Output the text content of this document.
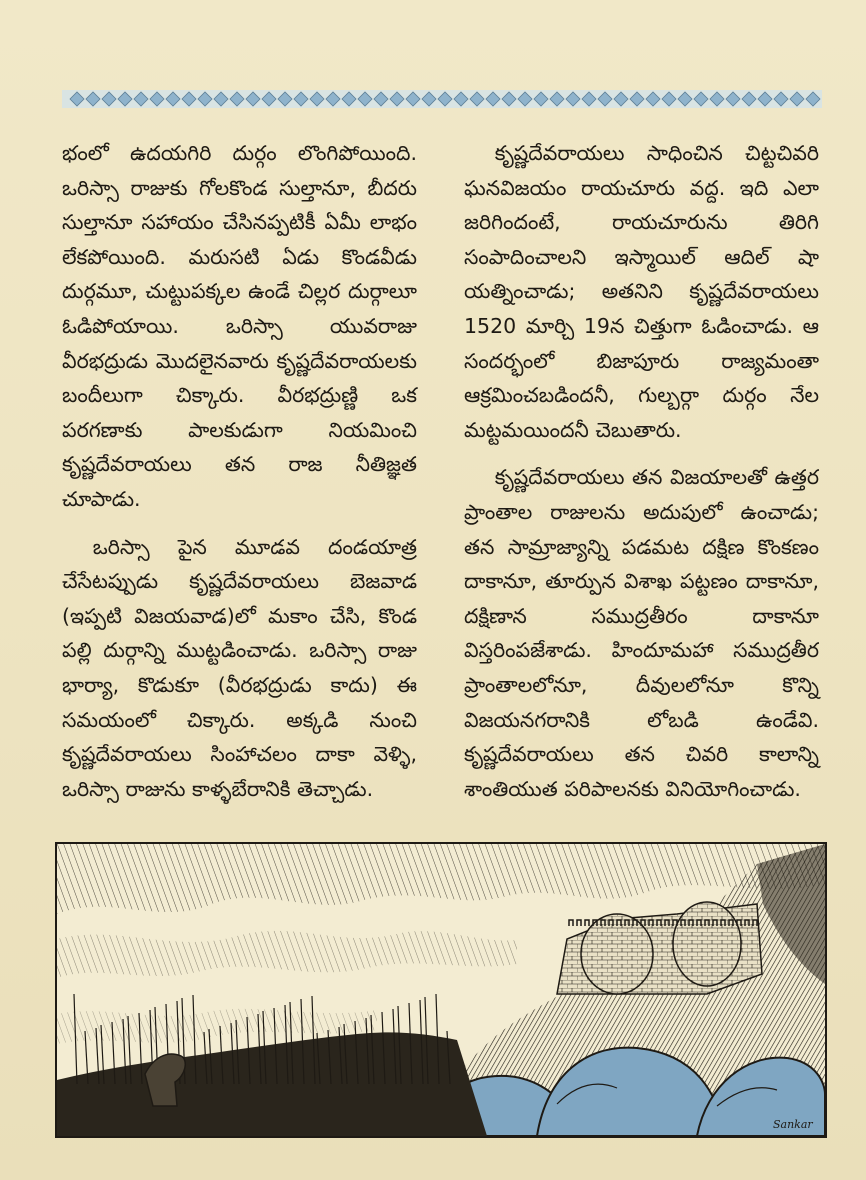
భంలో ఉదయగిరి దుర్గం లొంగిపోయింది. ఒరిస్సా రాజుకు గోలకొండ సుల్తానూ, బీదరు సుల్తానూ సహాయం చేసినప్పటికీ ఏమీ లాభం లేకపోయింది. మరుసటి ఏడు కొండవీడు దుర్గమూ, చుట్టుపక్కల ఉండే చిల్లర దుర్గాలూ ఓడిపోయాయి. ఒరిస్సా యువరాజు వీరభద్రుడు మొదలైనవారు కృష్ణదేవరాయలకు బందీలుగా చిక్కారు. వీరభద్రుణ్ణి ఒక పరగణాకు పాలకుడుగా నియమించి కృష్ణదేవరాయలు తన రాజ నీతిజ్ఞత చూపాడు.

ఒరిస్సా పైన మూడవ దండయాత్ర చేసేటప్పుడు కృష్ణదేవరాయలు బెజవాడ (ఇప్పటి విజయవాడ)లో మకాం చేసి, కొండ పల్లి దుర్గాన్ని ముట్టడించాడు. ఒరిస్సా రాజు భార్యా, కొడుకూ (వీరభద్రుడు కాదు) ఈ సమయంలో చిక్కారు. అక్కడి నుంచి కృష్ణదేవరాయలు సింహాచలం దాకా వెళ్ళి, ఒరిస్సా రాజును కాళ్ళబేరానికి తెచ్చాడు.

కృష్ణదేవరాయలు సాధించిన చిట్టచివరి ఘనవిజయం రాయచూరు వద్ద. ఇది ఎలా జరిగిందంటే, రాయచూరును తిరిగి సంపాదించాలని ఇస్మాయిల్ ఆదిల్ షా యత్నించాడు; అతనిని కృష్ణదేవరాయలు 1520 మార్చి 19న చిత్తుగా ఓడించాడు. ఆ సందర్భంలో బిజాపూరు రాజ్యమంతా ఆక్రమించబడిందనీ, గుల్బర్గా దుర్గం నేల మట్టమయిందనీ చెబుతారు.

కృష్ణదేవరాయలు తన విజయాలతో ఉత్తర ప్రాంతాల రాజులను అదుపులో ఉంచాడు; తన సామ్రాజ్యాన్ని పడమట దక్షిణ కొంకణం దాకానూ, తూర్పున విశాఖ పట్టణం దాకానూ, దక్షిణాన సముద్రతీరం దాకానూ విస్తరింపజేశాడు. హిందూమహా సముద్రతీర ప్రాంతాలలోనూ, దీవులలోనూ కొన్ని విజయనగరానికి లోబడి ఉండేవి. కృష్ణదేవరాయలు తన చివరి కాలాన్ని శాంతియుత పరిపాలనకు వినియోగించాడు.

Sankar
